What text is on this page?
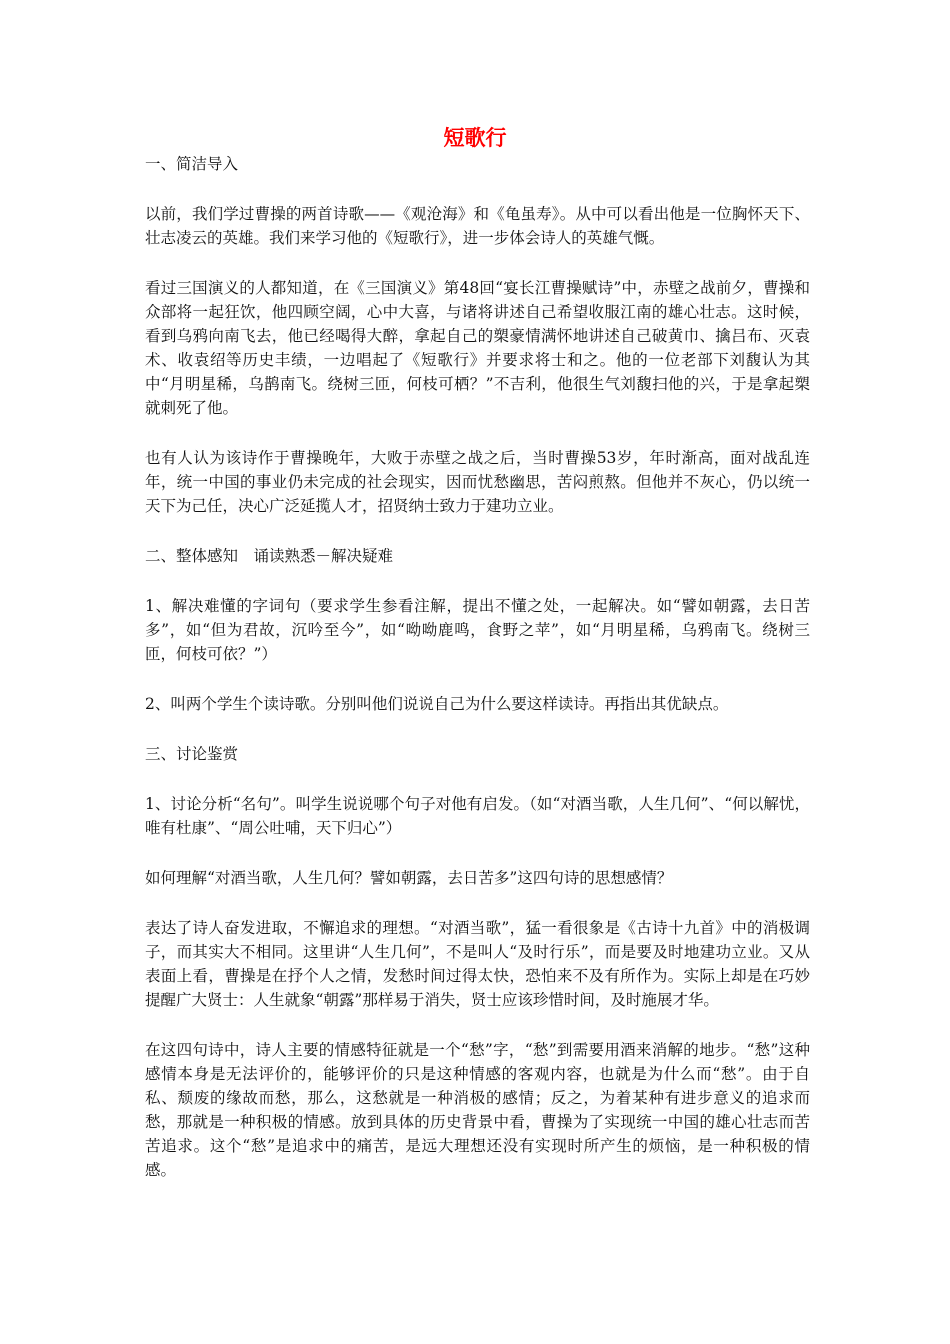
短歌行

一、简洁导入

以前，我们学过曹操的两首诗歌——《观沧海》和《龟虽寿》。从中可以看出他是一位胸怀天下、壮志凌云的英雄。我们来学习他的《短歌行》，进一步体会诗人的英雄气慨。

看过三国演义的人都知道，在《三国演义》第48回“宴长江曹操赋诗”中，赤壁之战前夕，曹操和众部将一起狂饮，他四顾空阔，心中大喜，与诸将讲述自己希望收服江南的雄心壮志。这时候，看到乌鸦向南飞去，他已经喝得大醉，拿起自己的槊豪情满怀地讲述自己破黄巾、擒吕布、灭袁术、收袁绍等历史丰绩，一边唱起了《短歌行》并要求将士和之。他的一位老部下刘馥认为其中“月明星稀，乌鹊南飞。绕树三匝，何枝可栖？”不吉利，他很生气刘馥扫他的兴，于是拿起槊就刺死了他。

也有人认为该诗作于曹操晚年，大败于赤壁之战之后，当时曹操53岁，年时渐高，面对战乱连年，统一中国的事业仍未完成的社会现实，因而忧愁幽思，苦闷煎熬。但他并不灰心，仍以统一天下为己任，决心广泛延揽人才，招贤纳士致力于建功立业。

二、整体感知　诵读熟悉－解决疑难

1、解决难懂的字词句（要求学生参看注解，提出不懂之处，一起解决。如“譬如朝露，去日苦多”，如“但为君故，沉吟至今”，如“呦呦鹿鸣，食野之苹”，如“月明星稀，乌鸦南飞。绕树三匝，何枝可依？”）

2、叫两个学生个读诗歌。分别叫他们说说自己为什么要这样读诗。再指出其优缺点。

三、讨论鉴赏

1、讨论分析“名句”。叫学生说说哪个句子对他有启发。（如“对酒当歌，人生几何”、“何以解忧，唯有杜康”、“周公吐哺，天下归心”）

如何理解“对酒当歌，人生几何？譬如朝露，去日苦多”这四句诗的思想感情？

表达了诗人奋发进取，不懈追求的理想。“对酒当歌”，猛一看很象是《古诗十九首》中的消极调子，而其实大不相同。这里讲“人生几何”，不是叫人“及时行乐”，而是要及时地建功立业。又从表面上看，曹操是在抒个人之情，发愁时间过得太快，恐怕来不及有所作为。实际上却是在巧妙提醒广大贤士：人生就象“朝露”那样易于消失，贤士应该珍惜时间，及时施展才华。

在这四句诗中，诗人主要的情感特征就是一个“愁”字，“愁”到需要用酒来消解的地步。“愁”这种感情本身是无法评价的，能够评价的只是这种情感的客观内容，也就是为什么而“愁”。由于自私、颓废的缘故而愁，那么，这愁就是一种消极的感情；反之，为着某种有进步意义的追求而愁，那就是一种积极的情感。放到具体的历史背景中看，曹操为了实现统一中国的雄心壮志而苦苦追求。这个“愁”是追求中的痛苦，是远大理想还没有实现时所产生的烦恼，是一种积极的情感。
